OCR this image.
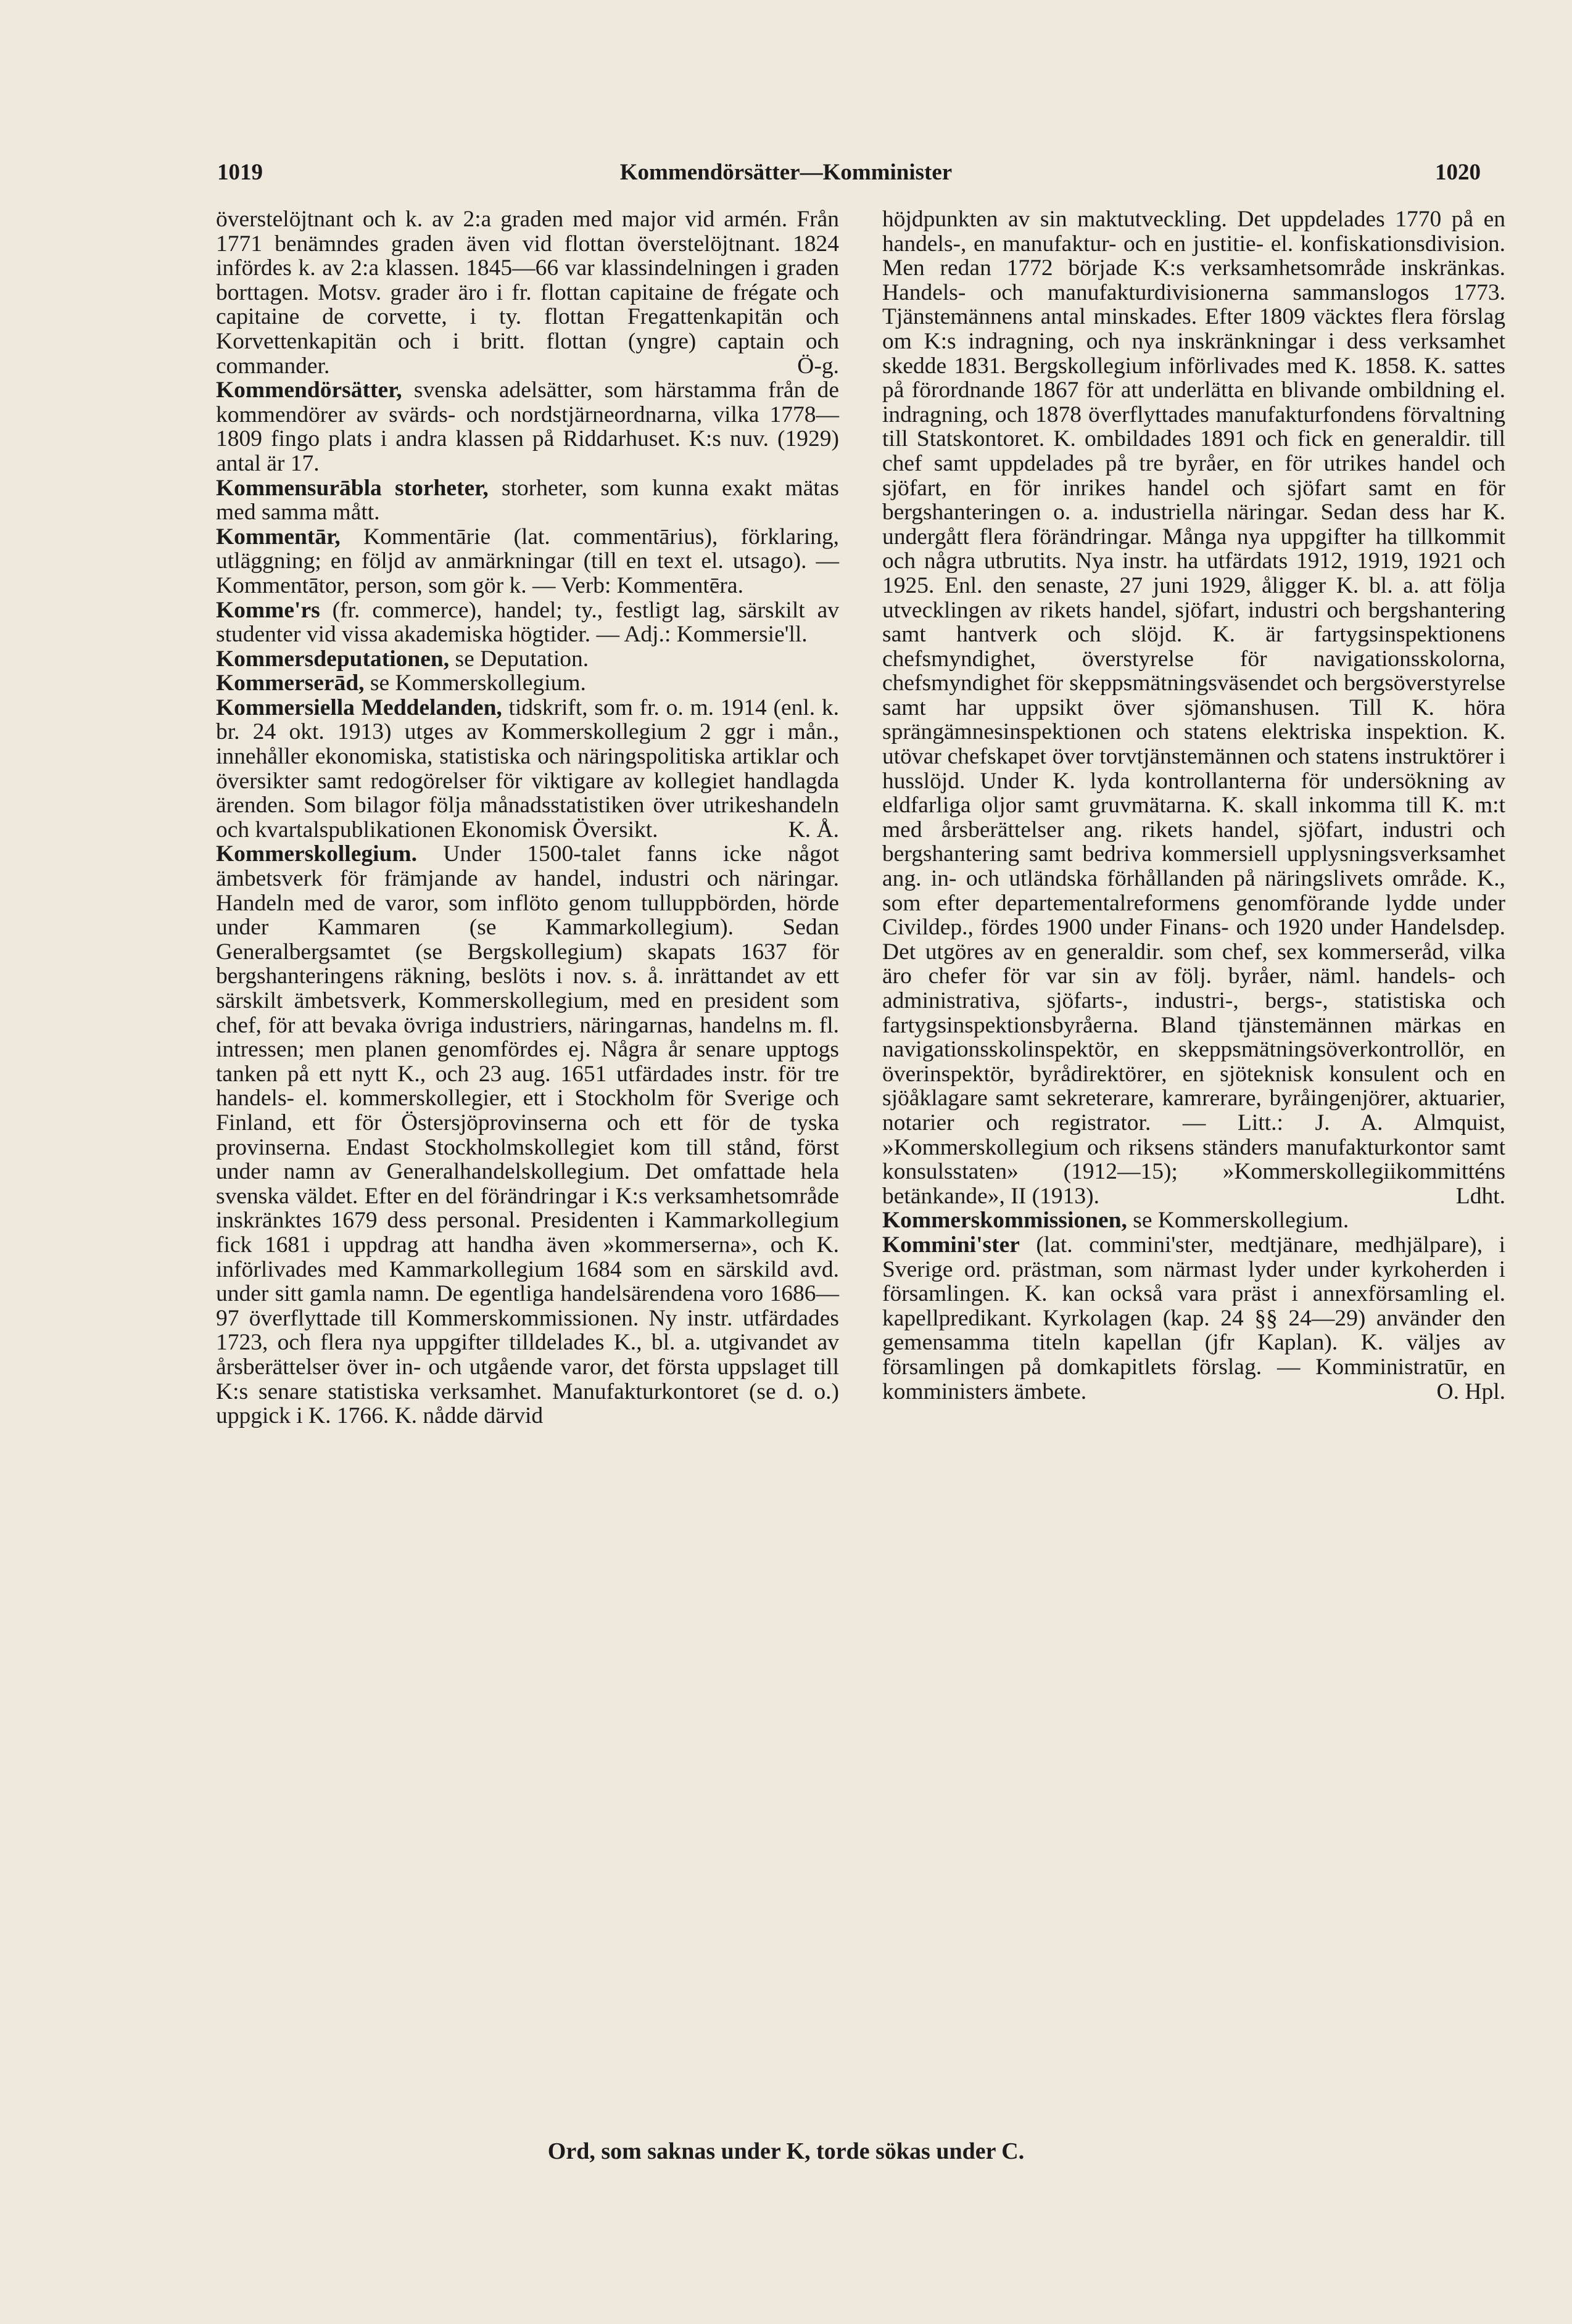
1019	Kommendörsätter—Komminister	1020

överstelöjtnant och k. av 2:a graden med major vid armén. Från 1771 benämndes graden även vid flottan överstelöjtnant. 1824 infördes k. av 2:a klassen. 1845—66 var klassindelningen i graden borttagen. Motsv. grader äro i fr. flottan capitaine de frégate och capitaine de corvette, i ty. flottan Fregattenkapitän och Korvettenkapitän och i britt. flottan (yngre) captain och commander.	Ö-g.

Kommendörsätter, svenska adelsätter, som härstamma från de kommendörer av svärds- och nordstjärneordnarna, vilka 1778—1809 fingo plats i andra klassen på Riddarhuset. K:s nuv. (1929) antal är 17.

Kommensurābla storheter, storheter, som kunna exakt mätas med samma mått.

Kommentār, Kommentārie (lat. commentārius), förklaring, utläggning; en följd av anmärkningar (till en text el. utsago). — Kommentātor, person, som gör k. — Verb: Kommentēra.

Komme'rs (fr. commerce), handel; ty., festligt lag, särskilt av studenter vid vissa akademiska högtider. — Adj.: Kommersie'll.

Kommersdeputationen, se Deputation.

Kommerserād, se Kommerskollegium.

Kommersiella Meddelanden, tidskrift, som fr. o. m. 1914 (enl. k. br. 24 okt. 1913) utges av Kommerskollegium 2 ggr i mån., innehåller ekonomiska, statistiska och näringspolitiska artiklar och översikter samt redogörelser för viktigare av kollegiet handlagda ärenden. Som bilagor följa månadsstatistiken över utrikeshandeln och kvartalspublikationen Ekonomisk Översikt.	K. Å.

Kommerskollegium. Under 1500-talet fanns icke något ämbetsverk för främjande av handel, industri och näringar. Handeln med de varor, som inflöto genom tulluppbörden, hörde under Kammaren (se Kammarkollegium). Sedan Generalbergsamtet (se Bergskollegium) skapats 1637 för bergshanteringens räkning, beslöts i nov. s. å. inrättandet av ett särskilt ämbetsverk, Kommerskollegium, med en president som chef, för att bevaka övriga industriers, näringarnas, handelns m. fl. intressen; men planen genomfördes ej. Några år senare upptogs tanken på ett nytt K., och 23 aug. 1651 utfärdades instr. för tre handels- el. kommerskollegier, ett i Stockholm för Sverige och Finland, ett för Östersjöprovinserna och ett för de tyska provinserna. Endast Stockholmskollegiet kom till stånd, först under namn av Generalhandelskollegium. Det omfattade hela svenska väldet. Efter en del förändringar i K:s verksamhetsområde inskränktes 1679 dess personal. Presidenten i Kammarkollegium fick 1681 i uppdrag att handha även »kommerserna», och K. införlivades med Kammarkollegium 1684 som en särskild avd. under sitt gamla namn. De egentliga handelsärendena voro 1686—97 överflyttade till Kommerskommissionen. Ny instr. utfärdades 1723, och flera nya uppgifter tilldelades K., bl. a. utgivandet av årsberättelser över in- och utgående varor, det första uppslaget till K:s senare statistiska verksamhet. Manufakturkontoret (se d. o.) uppgick i K. 1766. K. nådde därvid

höjdpunkten av sin maktutveckling. Det uppdelades 1770 på en handels-, en manufaktur- och en justitie- el. konfiskationsdivision. Men redan 1772 började K:s verksamhetsområde inskränkas. Handels- och manufakturdivisionerna sammanslogos 1773. Tjänstemännens antal minskades. Efter 1809 väcktes flera förslag om K:s indragning, och nya inskränkningar i dess verksamhet skedde 1831. Bergskollegium införlivades med K. 1858. K. sattes på förordnande 1867 för att underlätta en blivande ombildning el. indragning, och 1878 överflyttades manufakturfondens förvaltning till Statskontoret. K. ombildades 1891 och fick en generaldir. till chef samt uppdelades på tre byråer, en för utrikes handel och sjöfart, en för inrikes handel och sjöfart samt en för bergshanteringen o. a. industriella näringar. Sedan dess har K. undergått flera förändringar. Många nya uppgifter ha tillkommit och några utbrutits. Nya instr. ha utfärdats 1912, 1919, 1921 och 1925. Enl. den senaste, 27 juni 1929, åligger K. bl. a. att följa utvecklingen av rikets handel, sjöfart, industri och bergshantering samt hantverk och slöjd. K. är fartygsinspektionens chefsmyndighet, överstyrelse för navigationsskolorna, chefsmyndighet för skeppsmätningsväsendet och bergsöverstyrelse samt har uppsikt över sjömanshusen. Till K. höra sprängämnesinspektionen och statens elektriska inspektion. K. utövar chefskapet över torvtjänstemännen och statens instruktörer i husslöjd. Under K. lyda kontrollanterna för undersökning av eldfarliga oljor samt gruvmätarna. K. skall inkomma till K. m:t med årsberättelser ang. rikets handel, sjöfart, industri och bergshantering samt bedriva kommersiell upplysningsverksamhet ang. in- och utländska förhållanden på näringslivets område. K., som efter departementalreformens genomförande lydde under Civildep., fördes 1900 under Finans- och 1920 under Handelsdep. Det utgöres av en generaldir. som chef, sex kommerseråd, vilka äro chefer för var sin av följ. byråer, näml. handels- och administrativa, sjöfarts-, industri-, bergs-, statistiska och fartygsinspektionsbyråerna. Bland tjänstemännen märkas en navigationsskolinspektör, en skeppsmätningsöverkontrollör, en överinspektör, byrådirektörer, en sjöteknisk konsulent och en sjöåklagare samt sekreterare, kamrerare, byråingenjörer, aktuarier, notarier och registrator. — Litt.: J. A. Almquist, »Kommerskollegium och riksens ständers manufakturkontor samt konsulsstaten» (1912—15); »Kommerskollegiikommitténs betänkande», II (1913).	Ldht.

Kommerskommissionen, se Kommerskollegium.

Kommini'ster (lat. commini'ster, medtjänare, medhjälpare), i Sverige ord. prästman, som närmast lyder under kyrkoherden i församlingen. K. kan också vara präst i annexförsamling el. kapellpredikant. Kyrkolagen (kap. 24 §§ 24—29) använder den gemensamma titeln kapellan (jfr Kaplan). K. väljes av församlingen på domkapitlets förslag. — Komministratūr, en komministers ämbete.	O. Hpl.

Ord, som saknas under K, torde sökas under C.
